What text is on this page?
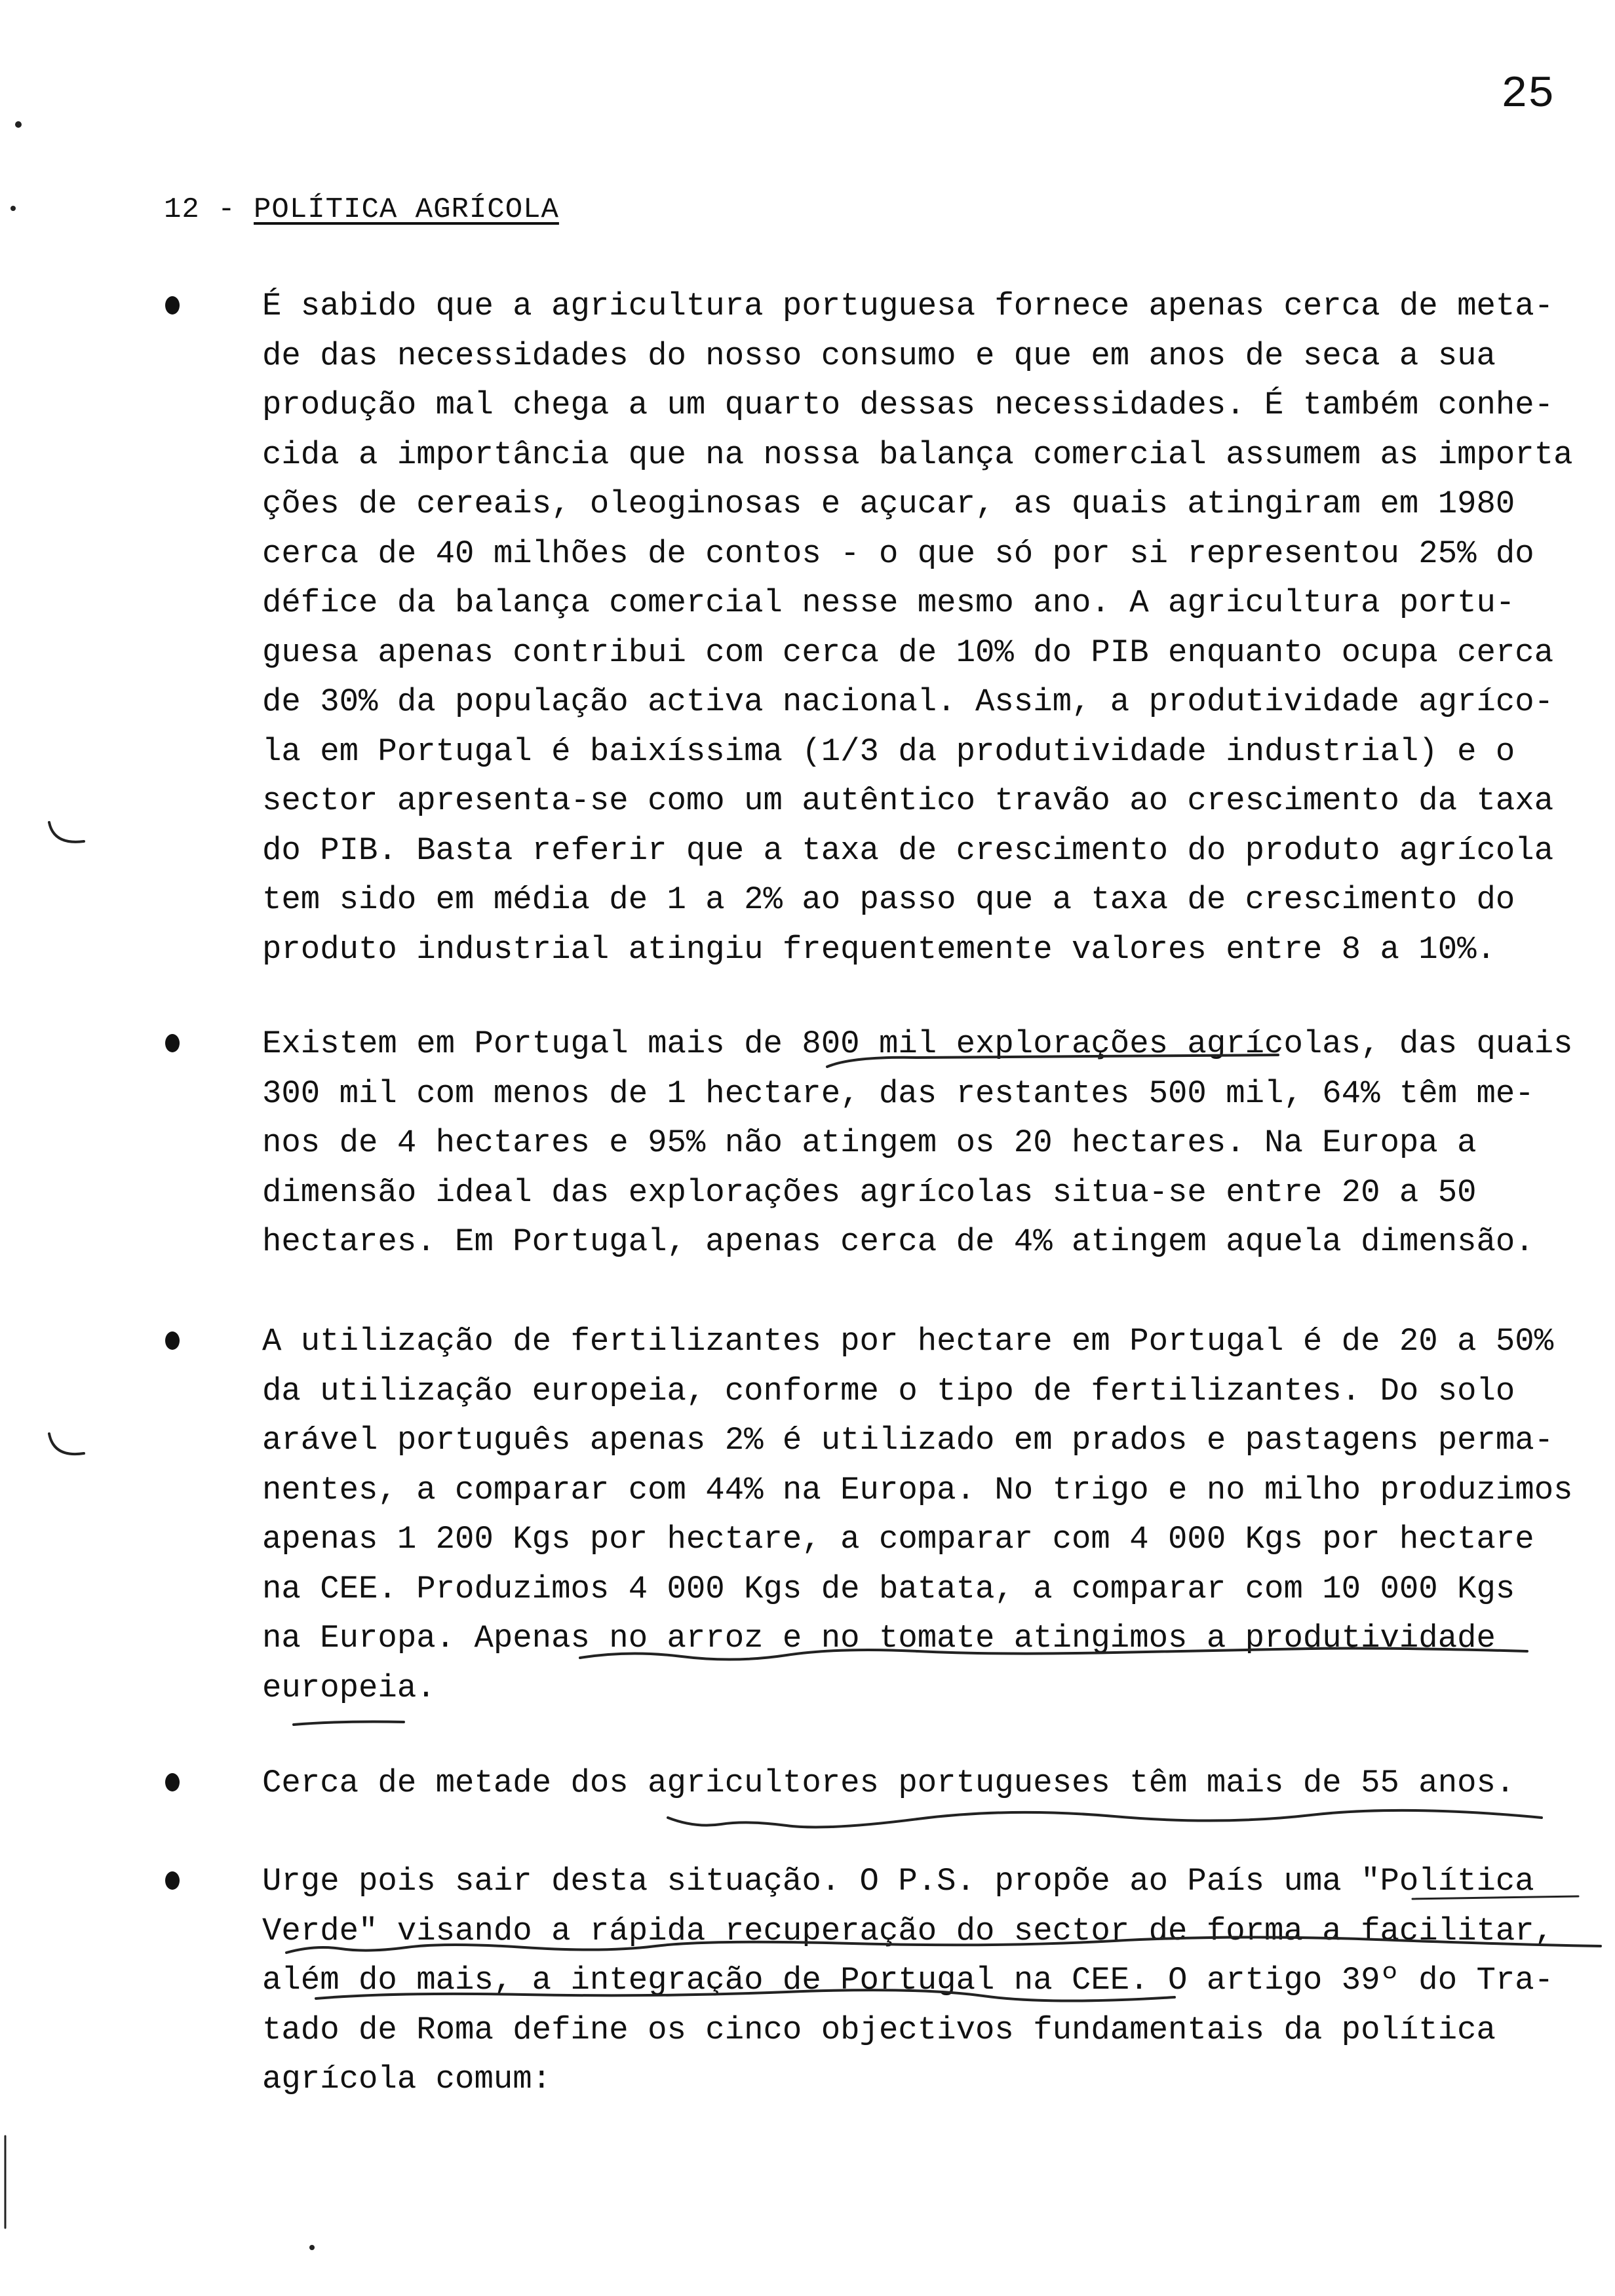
25
12 - POLÍTICA AGRÍCOLA
É sabido que a agricultura portuguesa fornece apenas cerca de meta-
de das necessidades do nosso consumo e que em anos de seca a sua
produção mal chega a um quarto dessas necessidades. É também conhe-
cida a importância que na nossa balança comercial assumem as importa
ções de cereais, oleoginosas e açucar, as quais atingiram em 1980
cerca de 40 milhões de contos - o que só por si representou 25% do
défice da balança comercial nesse mesmo ano. A agricultura portu-
guesa apenas contribui com cerca de 10% do PIB enquanto ocupa cerca
de 30% da população activa nacional. Assim, a produtividade agríco-
la em Portugal é baixíssima (1/3 da produtividade industrial) e o
sector apresenta-se como um autêntico travão ao crescimento da taxa
do PIB. Basta referir que a taxa de crescimento do produto agrícola
tem sido em média de 1 a 2% ao passo que a taxa de crescimento do
produto industrial atingiu frequentemente valores entre 8 a 10%.
Existem em Portugal mais de 800 mil explorações agrícolas, das quais
300 mil com menos de 1 hectare, das restantes 500 mil, 64% têm me-
nos de 4 hectares e 95% não atingem os 20 hectares. Na Europa a
dimensão ideal das explorações agrícolas situa-se entre 20 a 50
hectares. Em Portugal, apenas cerca de 4% atingem aquela dimensão.
A utilização de fertilizantes por hectare em Portugal é de 20 a 50%
da utilização europeia, conforme o tipo de fertilizantes. Do solo
arável português apenas 2% é utilizado em prados e pastagens perma-
nentes, a comparar com 44% na Europa. No trigo e no milho produzimos
apenas 1 200 Kgs por hectare, a comparar com 4 000 Kgs por hectare
na CEE. Produzimos 4 000 Kgs de batata, a comparar com 10 000 Kgs
na Europa. Apenas no arroz e no tomate atingimos a produtividade
europeia.
Cerca de metade dos agricultores portugueses têm mais de 55 anos.
Urge pois sair desta situação. O P.S. propõe ao País uma "Política
Verde" visando a rápida recuperação do sector de forma a facilitar,
além do mais, a integração de Portugal na CEE. O artigo 39º do Tra-
tado de Roma define os cinco objectivos fundamentais da política
agrícola comum:
